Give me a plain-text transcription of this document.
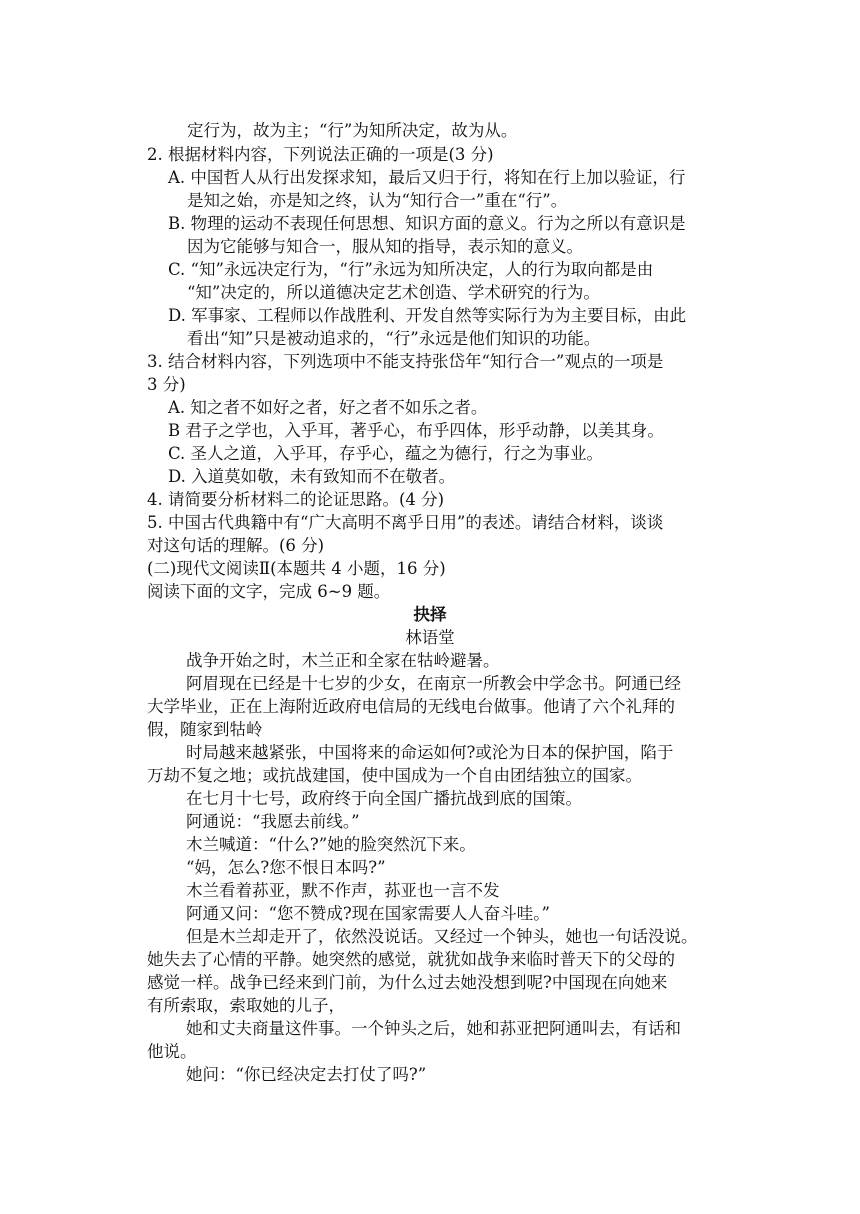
定行为，故为主；“行”为知所决定，故为从。
2. 根据材料内容，下列说法正确的一项是(3 分)
A. 中国哲人从行出发探求知，最后又归于行，将知在行上加以验证，行
是知之始，亦是知之终，认为“知行合一”重在“行”。
B. 物理的运动不表现任何思想、知识方面的意义。行为之所以有意识是
因为它能够与知合一，服从知的指导，表示知的意义。
C. “知”永远决定行为，“行”永远为知所决定，人的行为取向都是由
“知”决定的，所以道德决定艺术创造、学术研究的行为。
D. 军事家、工程师以作战胜利、开发自然等实际行为为主要目标，由此
看出“知”只是被动追求的，“行”永远是他们知识的功能。
3. 结合材料内容，下列选项中不能支持张岱年“知行合一”观点的一项是
3 分)
A. 知之者不如好之者，好之者不如乐之者。
B 君子之学也，入乎耳，著乎心，布乎四体，形乎动静，以美其身。
C. 圣人之道，入乎耳，存乎心，蕴之为德行，行之为事业。
D. 入道莫如敬，未有致知而不在敬者。
4. 请简要分析材料二的论证思路。(4 分)
5. 中国古代典籍中有“广大高明不离乎日用”的表述。请结合材料，谈谈
对这句话的理解。(6 分)
(二)现代文阅读Ⅱ(本题共 4 小题，16 分)
阅读下面的文字，完成 6~9 题。
抉择
林语堂
战争开始之时，木兰正和全家在牯岭避暑。
阿眉现在已经是十七岁的少女，在南京一所教会中学念书。阿通已经
大学毕业，正在上海附近政府电信局的无线电台做事。他请了六个礼拜的
假，随家到牯岭
时局越来越紧张，中国将来的命运如何?或沦为日本的保护国，陷于
万劫不复之地；或抗战建国，使中国成为一个自由团结独立的国家。
在七月十七号，政府终于向全国广播抗战到底的国策。
阿通说：“我愿去前线。”
木兰喊道：“什么?”她的脸突然沉下来。
“妈，怎么?您不恨日本吗?”
木兰看着荪亚，默不作声，荪亚也一言不发
阿通又问：“您不赞成?现在国家需要人人奋斗哇。”
但是木兰却走开了，依然没说话。又经过一个钟头，她也一句话没说。
她失去了心情的平静。她突然的感觉，就犹如战争来临时普天下的父母的
感觉一样。战争已经来到门前，为什么过去她没想到呢?中国现在向她来
有所索取，索取她的儿子，
她和丈夫商量这件事。一个钟头之后，她和荪亚把阿通叫去，有话和
他说。
她问：“你已经决定去打仗了吗?”
